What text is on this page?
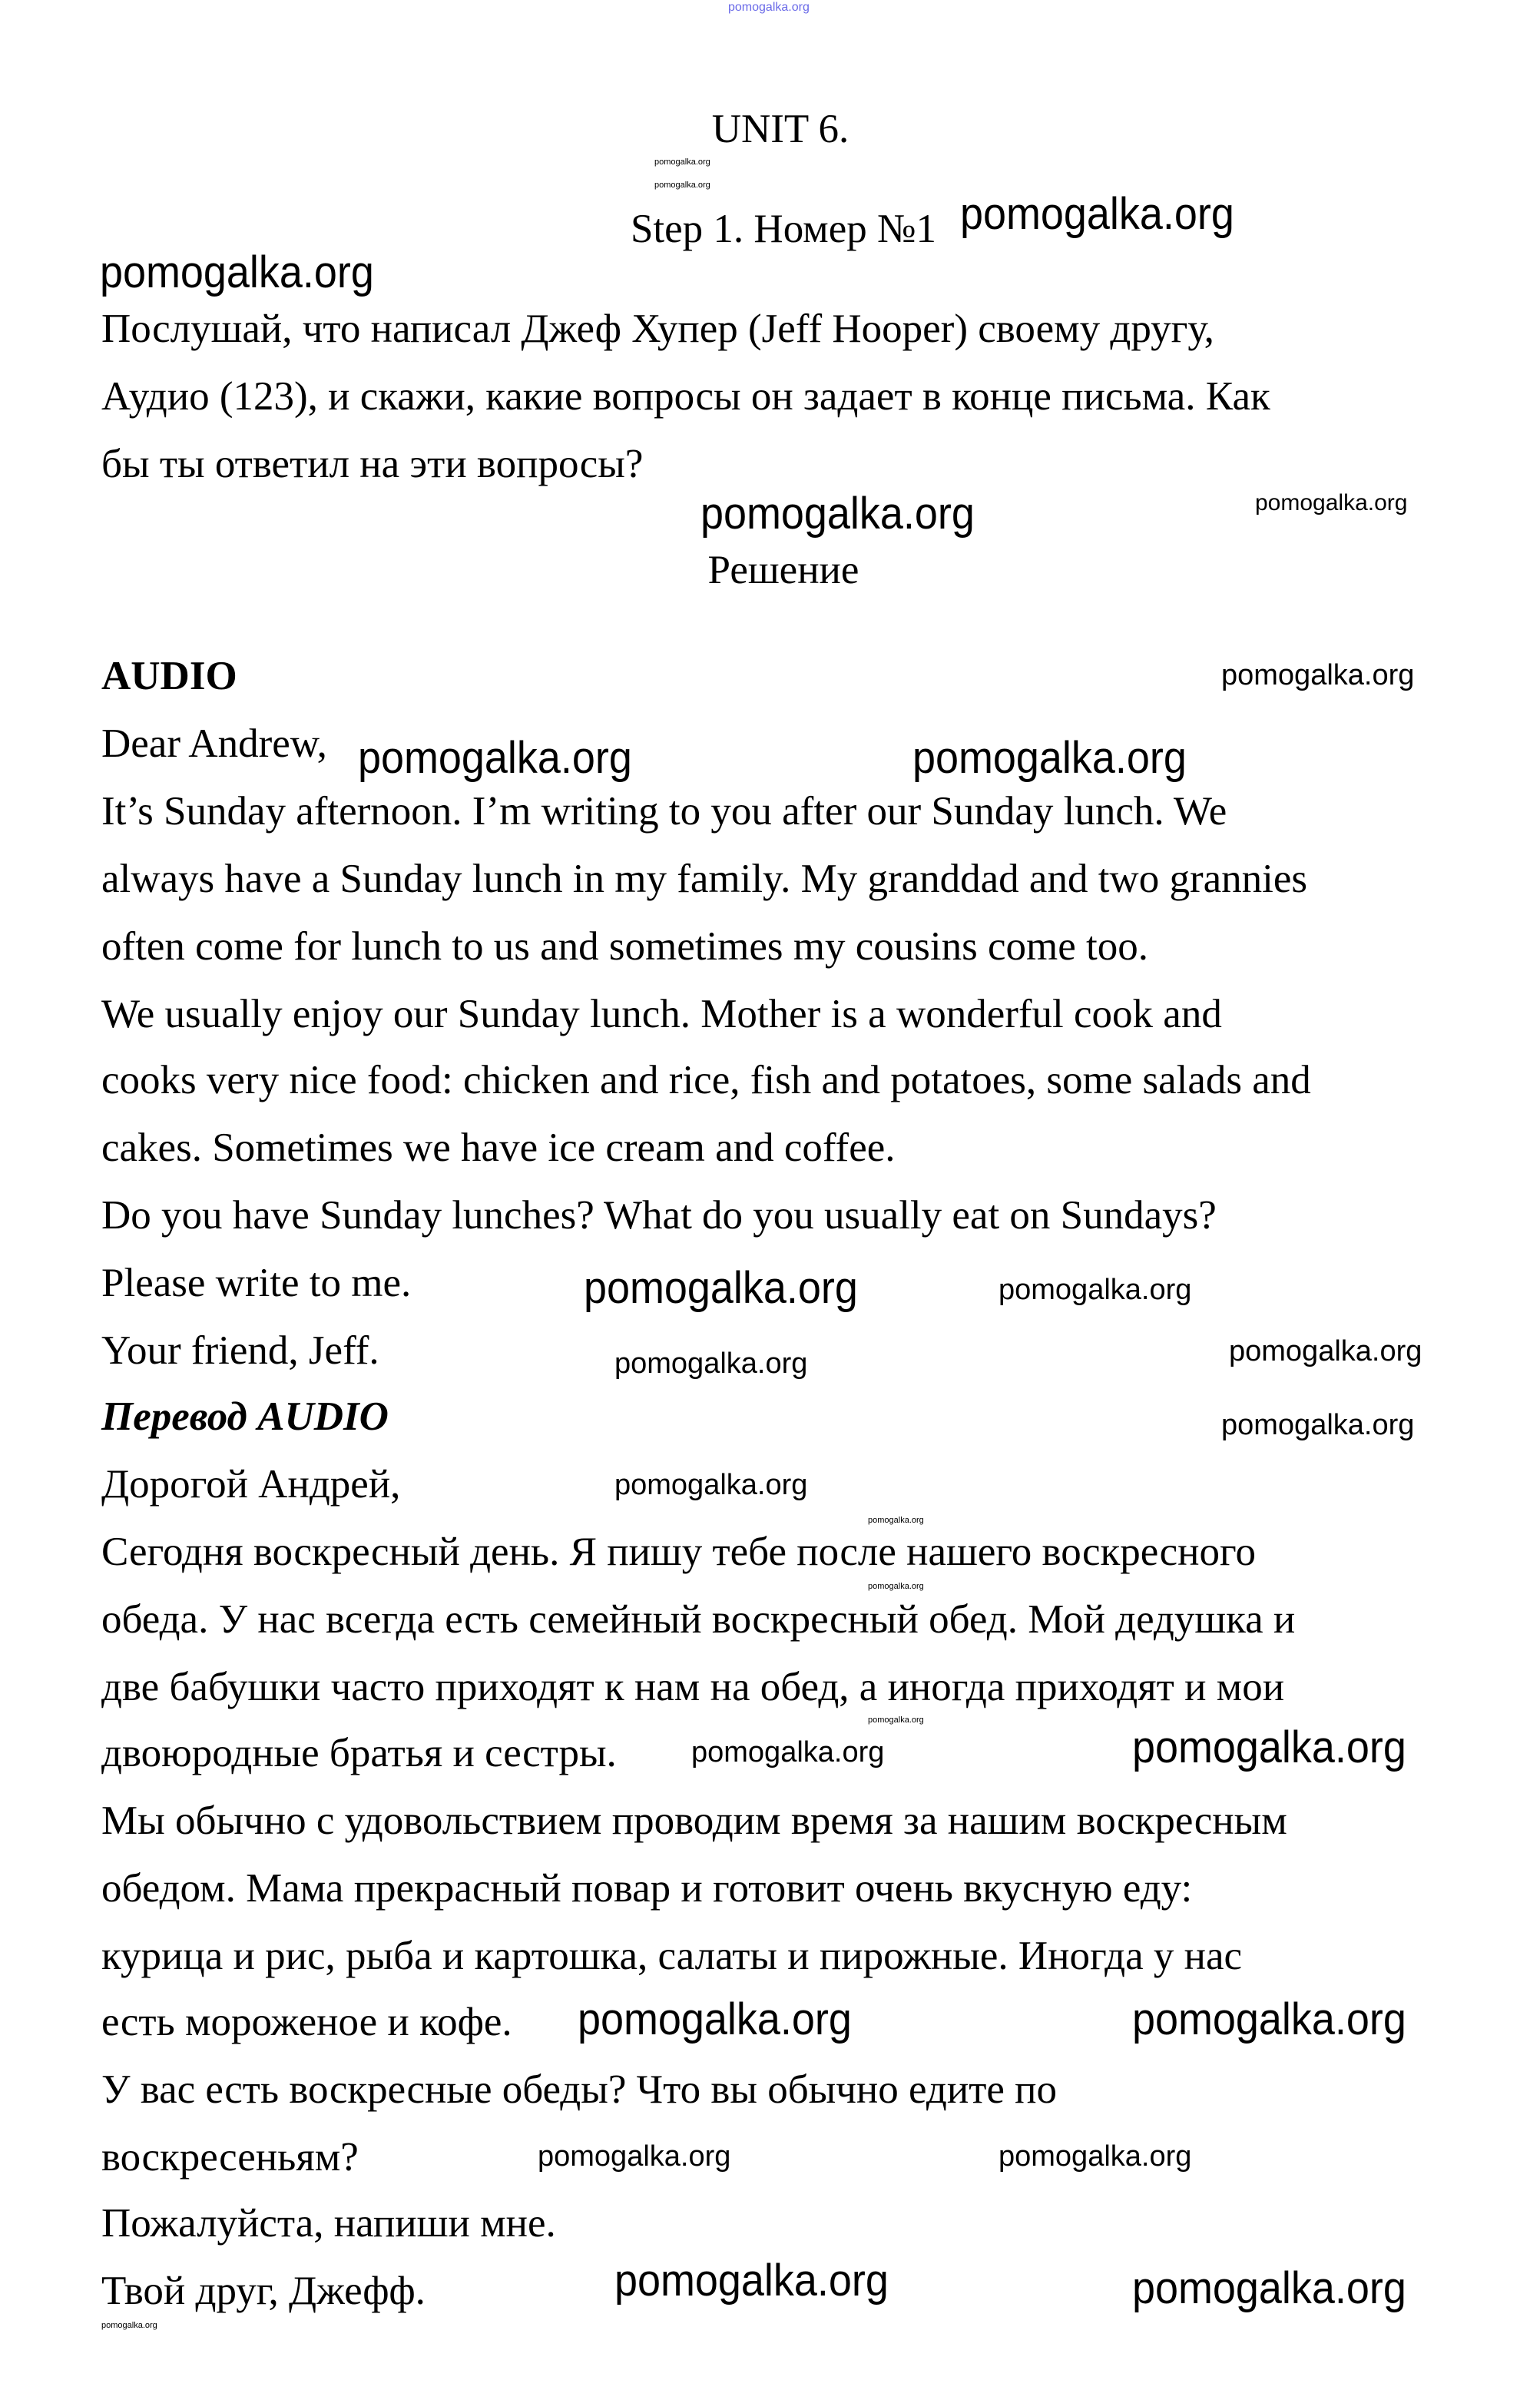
pomogalka.org
UNIT 6.
pomogalka.org
Step 1. Номер №1
pomogalka.org
pomogalka.org
pomogalka.org
Послушай, что написал Джеф Хупер (Jeff Hooper) своему другу,
Аудио (123), и скажи, какие вопросы он задает в конце письма. Как
бы ты ответил на эти вопросы?
pomogalka.org	pomogalka.org
Решение
AUDIO	pomogalka.org
Dear Andrew,
It’s Sunday afternoon. I’m writing to you after our Sunday lunch. We
always have a Sunday lunch in my family. My granddad and two grannies
often come for lunch to us and sometimes my cousins come too.
We usually enjoy our Sunday lunch. Mother is a wonderful cook and
cooks very nice food: chicken and rice, fish and potatoes, some salads and
cakes. Sometimes we have ice cream and coffee.
Do you have Sunday lunches? What do you usually eat on Sundays?
Please write to me.
Your friend, Jeff.
pomogalka.org	pomogalka.org
pomogalka.org	pomogalka.org
pomogalka.org
pomogalka.org
Перевод AUDIO	pomogalka.org
Дорогой Андрей,	pomogalka.org
Сегодня воскресный день. Я пишу тебе после нашего воскресного
обеда. У нас всегда есть семейный воскресный обед. Мой дедушка и
две бабушки часто приходят к нам на обед, а иногда приходят и мои
двоюродные братья и сестры.
Мы обычно с удовольствием проводим время за нашим воскресным
обедом. Мама прекрасный повар и готовит очень вкусную еду:
курица и рис, рыба и картошка, салаты и пирожные. Иногда у нас
есть мороженое и кофе.
У вас есть воскресные обеды? Что вы обычно едите по
воскресеньям?
Пожалуйста, напиши мне.
Твой друг, Джефф.
pomogalka.org
pomogalka.org
pomogalka.org
pomogalka.org
pomogalka.org
pomogalka.org	pomogalka.org
pomogalka.org	pomogalka.org
pomogalka.org	pomogalka.org
pomogalka.org
